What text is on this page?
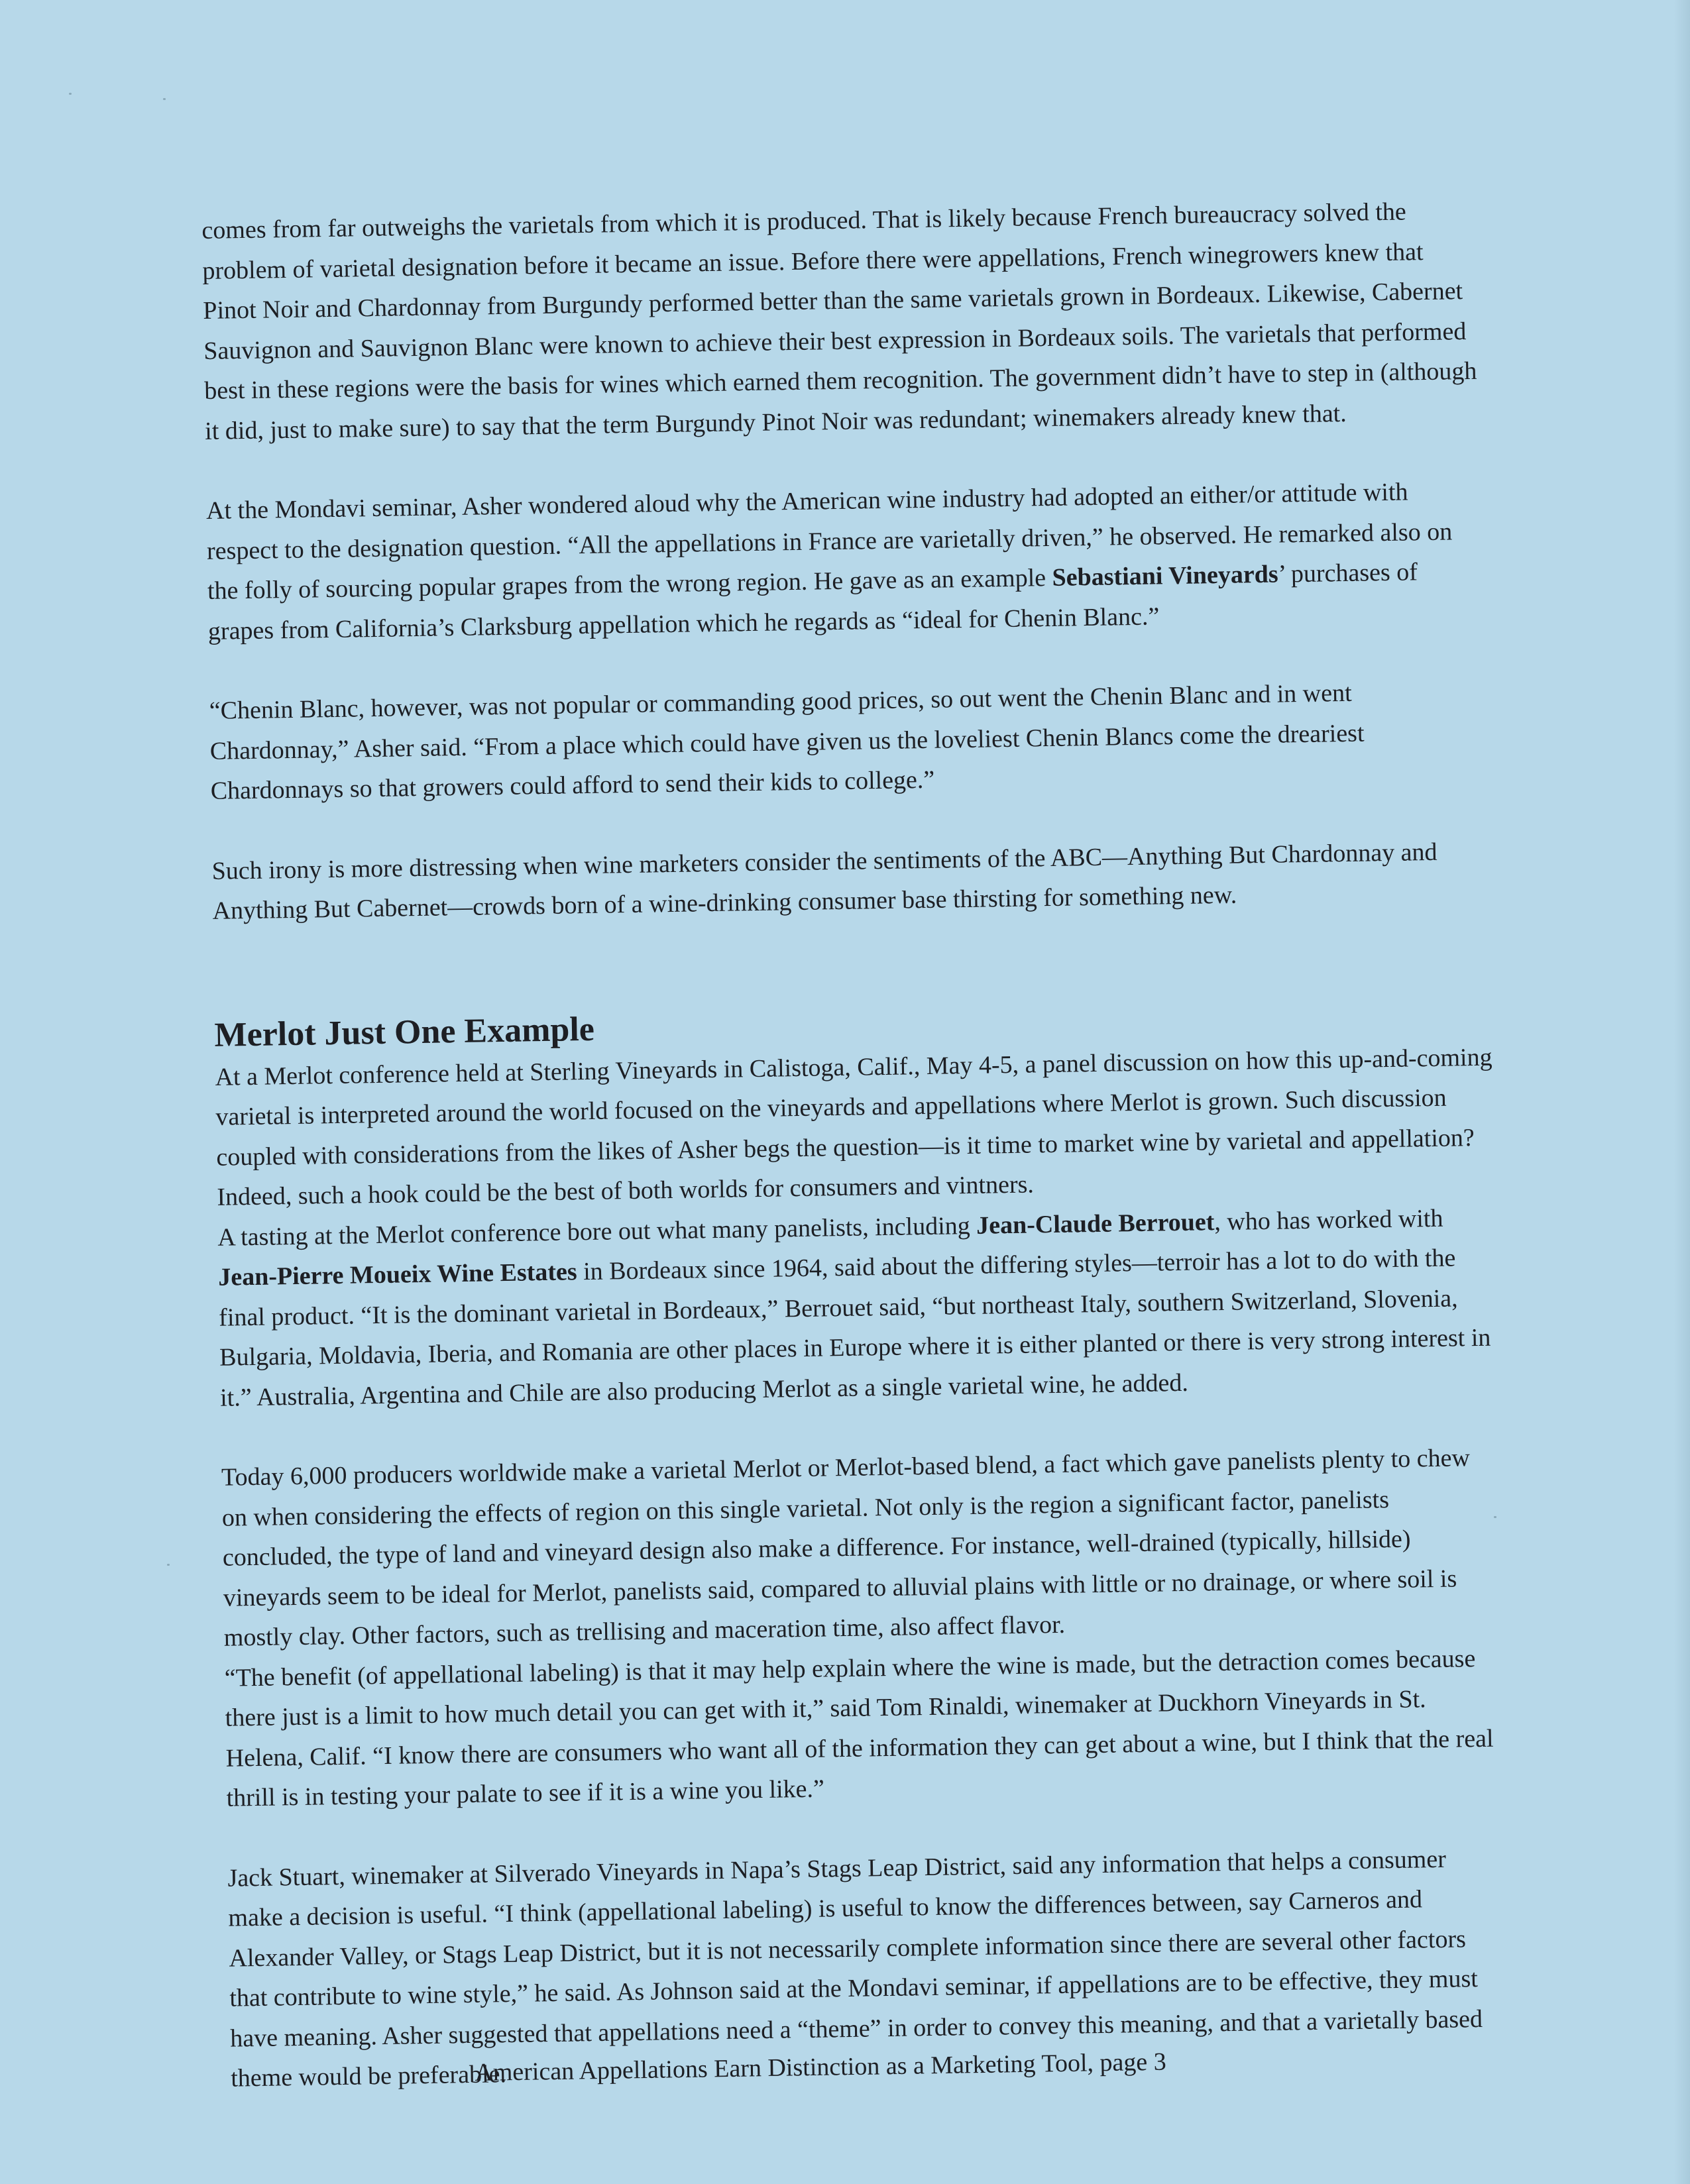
comes from far outweighs the varietals from which it is produced. That is likely because French bureaucracy solved the problem of varietal designation before it became an issue. Before there were appellations, French winegrowers knew that Pinot Noir and Chardonnay from Burgundy performed better than the same varietals grown in Bordeaux. Likewise, Cabernet Sauvignon and Sauvignon Blanc were known to achieve their best expression in Bordeaux soils. The varietals that performed best in these regions were the basis for wines which earned them recognition. The government didn’t have to step in (although it did, just to make sure) to say that the term Burgundy Pinot Noir was redundant; winemakers already knew that.

At the Mondavi seminar, Asher wondered aloud why the American wine industry had adopted an either/or attitude with respect to the designation question. “All the appellations in France are varietally driven,” he observed. He remarked also on the folly of sourcing popular grapes from the wrong region. He gave as an example Sebastiani Vineyards’ purchases of grapes from California’s Clarksburg appellation which he regards as “ideal for Chenin Blanc.”

“Chenin Blanc, however, was not popular or commanding good prices, so out went the Chenin Blanc and in went Chardonnay,” Asher said. “From a place which could have given us the loveliest Chenin Blancs come the dreariest Chardonnays so that growers could afford to send their kids to college.”

Such irony is more distressing when wine marketers consider the sentiments of the ABC—Anything But Chardonnay and Anything But Cabernet—crowds born of a wine-drinking consumer base thirsting for something new.

Merlot Just One Example

At a Merlot conference held at Sterling Vineyards in Calistoga, Calif., May 4-5, a panel discussion on how this up-and-coming varietal is interpreted around the world focused on the vineyards and appellations where Merlot is grown. Such discussion coupled with considerations from the likes of Asher begs the question—is it time to market wine by varietal and appellation? Indeed, such a hook could be the best of both worlds for consumers and vintners.

A tasting at the Merlot conference bore out what many panelists, including Jean-Claude Berrouet, who has worked with Jean-Pierre Moueix Wine Estates in Bordeaux since 1964, said about the differing styles—terroir has a lot to do with the final product. “It is the dominant varietal in Bordeaux,” Berrouet said, “but northeast Italy, southern Switzerland, Slovenia, Bulgaria, Moldavia, Iberia, and Romania are other places in Europe where it is either planted or there is very strong interest in it.” Australia, Argentina and Chile are also producing Merlot as a single varietal wine, he added.

Today 6,000 producers worldwide make a varietal Merlot or Merlot-based blend, a fact which gave panelists plenty to chew on when considering the effects of region on this single varietal. Not only is the region a significant factor, panelists concluded, the type of land and vineyard design also make a difference. For instance, well-drained (typically, hillside) vineyards seem to be ideal for Merlot, panelists said, compared to alluvial plains with little or no drainage, or where soil is mostly clay. Other factors, such as trellising and maceration time, also affect flavor.

“The benefit (of appellational labeling) is that it may help explain where the wine is made, but the detraction comes because there just is a limit to how much detail you can get with it,” said Tom Rinaldi, winemaker at Duckhorn Vineyards in St. Helena, Calif. “I know there are consumers who want all of the information they can get about a wine, but I think that the real thrill is in testing your palate to see if it is a wine you like.”

Jack Stuart, winemaker at Silverado Vineyards in Napa’s Stags Leap District, said any information that helps a consumer make a decision is useful. “I think (appellational labeling) is useful to know the differences between, say Carneros and Alexander Valley, or Stags Leap District, but it is not necessarily complete information since there are several other factors that contribute to wine style,” he said. As Johnson said at the Mondavi seminar, if appellations are to be effective, they must have meaning. Asher suggested that appellations need a “theme” in order to convey this meaning, and that a varietally based theme would be preferable.

American Appellations Earn Distinction as a Marketing Tool, page 3
